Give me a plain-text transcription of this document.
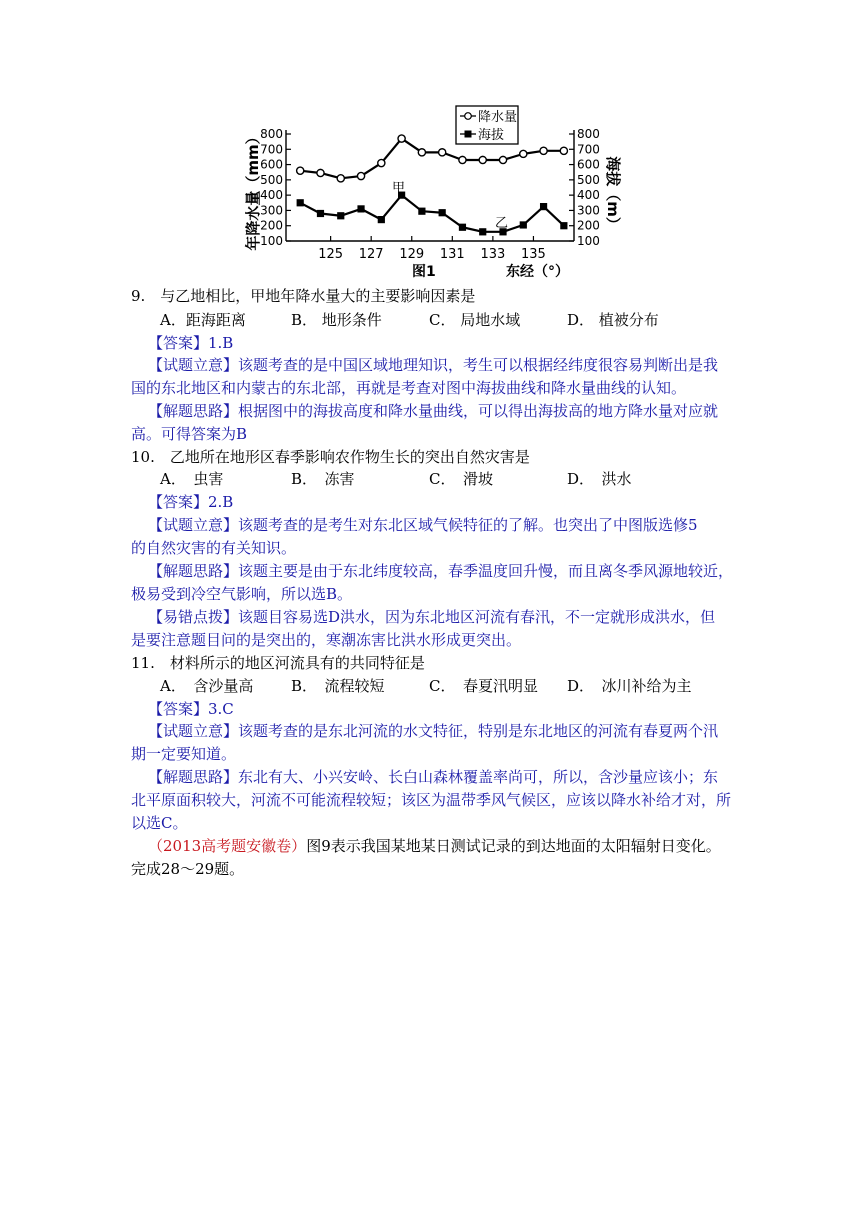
100	100
200	200
300	300
400	400
500	500
600	600
700	700
800	800
125 127 129 131 133 135
降水量
海拔
年降水量（mm）	海拔（m）
图1	东经（°）
甲
乙
9.　与乙地相比，甲地年降水量大的主要影响因素是
A．距海距离	B． 地形条件	C． 局地水域	D． 植被分布
【答案】1.B
【试题立意】该题考查的是中国区域地理知识，考生可以根据经纬度很容易判断出是我
国的东北地区和内蒙古的东北部，再就是考查对图中海拔曲线和降水量曲线的认知。
【解题思路】根据图中的海拔高度和降水量曲线，可以得出海拔高的地方降水量对应就
高。可得答案为B
10.　乙地所在地形区春季影响农作物生长的突出自然灾害是
A．　虫害	B．　冻害	C．　滑坡	D．　洪水
【答案】2.B
【试题立意】该题考查的是考生对东北区域气候特征的了解。也突出了中图版选修5
的自然灾害的有关知识。
【解题思路】该题主要是由于东北纬度较高，春季温度回升慢，而且离冬季风源地较近，
极易受到冷空气影响，所以选B。
【易错点拨】该题目容易选D洪水，因为东北地区河流有春汛，不一定就形成洪水，但
是要注意题目问的是突出的，寒潮冻害比洪水形成更突出。
11.　材料所示的地区河流具有的共同特征是
A．　含沙量高	B．　流程较短	C．　春夏汛明显 D．　冰川补给为主
【答案】3.C
【试题立意】该题考查的是东北河流的水文特征，特别是东北地区的河流有春夏两个汛
期一定要知道。
【解题思路】东北有大、小兴安岭、长白山森林覆盖率尚可，所以，含沙量应该小；东
北平原面积较大，河流不可能流程较短；该区为温带季风气候区，应该以降水补给才对，所
以选C。
（2013高考题安徽卷）图9表示我国某地某日测试记录的到达地面的太阳辐射日变化。
完成28～29题。
